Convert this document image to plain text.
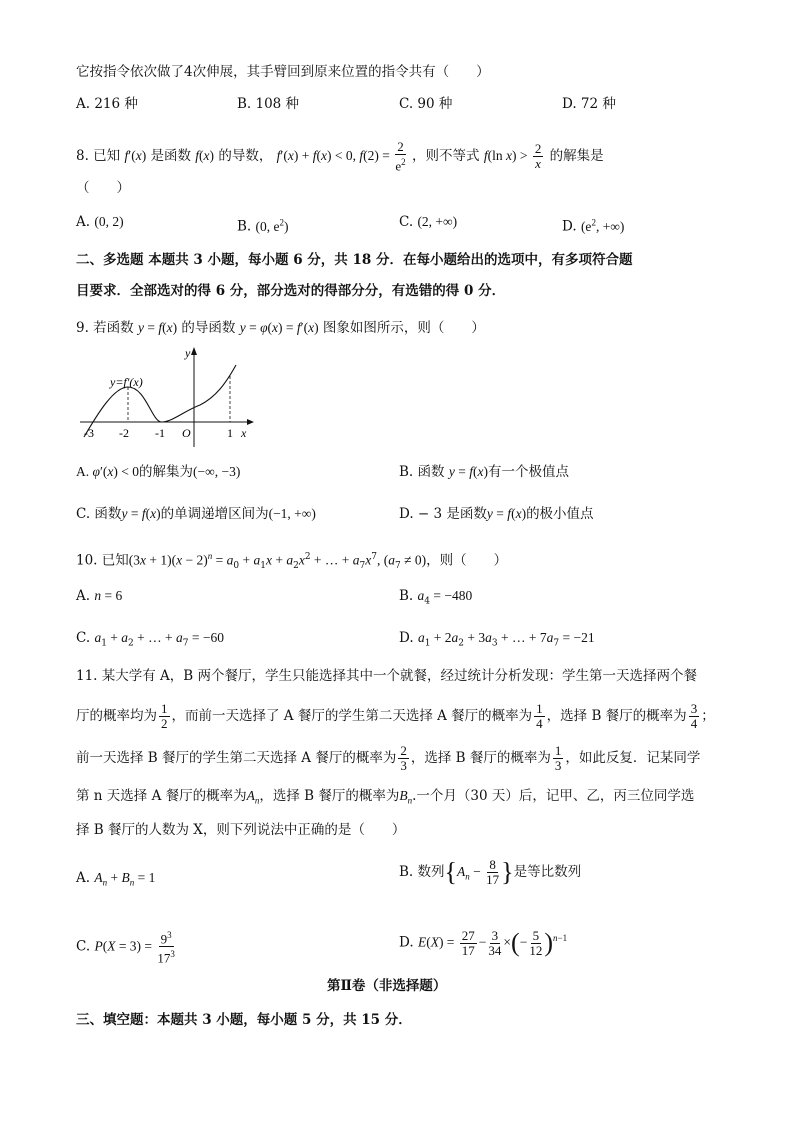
它按指令依次做了4次伸展，其手臂回到原来位置的指令共有（　　）
A. 216 种	B. 108 种	C. 90 种	D. 72 种
8. 已知 f′(x) 是函数 f(x) 的导数， f′(x) + f(x) < 0, $f(2) = \frac{2}{e^2}$ ，则不等式 f(ln $x) > \frac{2}{x}$ 的解集是
（　　）
A. (0, 2)	B. (0, $e^2$)	C. (2, +∞)	D. ($e^2$, +∞)
二、多选题 本题共 3 小题，每小题 6 分，共 18 分．在每小题给出的选项中，有多项符合题
目要求．全部选对的得 6 分，部分选对的得部分分，有选错的得 0 分．
9. 若函数 y = f(x) 的导函数 y = φ(x) = f′(x) 图象如图所示，则（　　）
y=f′(x)
y
x
O
-3 -2 -1	1
A. φ′(x) < 0的解集为(−∞, −3)	B. 函数 y = f(x)有一个极值点
C. 函数y = f(x)的单调递增区间为(−1, +∞)	D. − 3 是函数y = f(x)的极小值点
10. 已知$(3x + 1)(x - 2)^n = a_0 + a_1x + a_2x^2$ + … + $a_7x^7$, $(a_7 \ne 0)$，则（　　）
A. n = 6	B. $a_4 = -480$
C. $a_1 + a_2$ + … + $a_7 = -60$	D. $a_1 + 2a_2 + 3a_3$ + … + $7a_7 = -21$
11. 某大学有 A，B 两个餐厅，学生只能选择其中一个就餐，经过统计分析发现：学生第一天选择两个餐
厅的概率均为 $\frac{1}{2}$ ，而前一天选择了 A 餐厅的学生第二天选择 A 餐厅的概率为 $\frac{1}{4}$ ，选择 B 餐厅的概率为 $\frac{3}{4}$ ；
前一天选择 B 餐厅的学生第二天选择 A 餐厅的概率为 $\frac{2}{3}$ ，选择 B 餐厅的概率为 $\frac{1}{3}$ ，如此反复．记某同学
第 n 天选择 A 餐厅的概率为$A_n$，选择 B 餐厅的概率为$B_n$.一个月（30 天）后，记甲、乙，丙三位同学选
择 B 餐厅的人数为 X，则下列说法中正确的是（　　）
A. $A_n + B_n = 1$	B. 数列{$A_n - \frac{8}{17}$ }是等比数列
C. $P(X = 3) = \frac{9^3}{17^3}$	D. $E(X) = \frac{27}{17} - \frac{3}{34}$ ×(− $\frac{5}{12} )^{n-1}$
第Ⅱ卷（非选择题）
三、填空题：本题共 3 小题，每小题 5 分，共 15 分．
